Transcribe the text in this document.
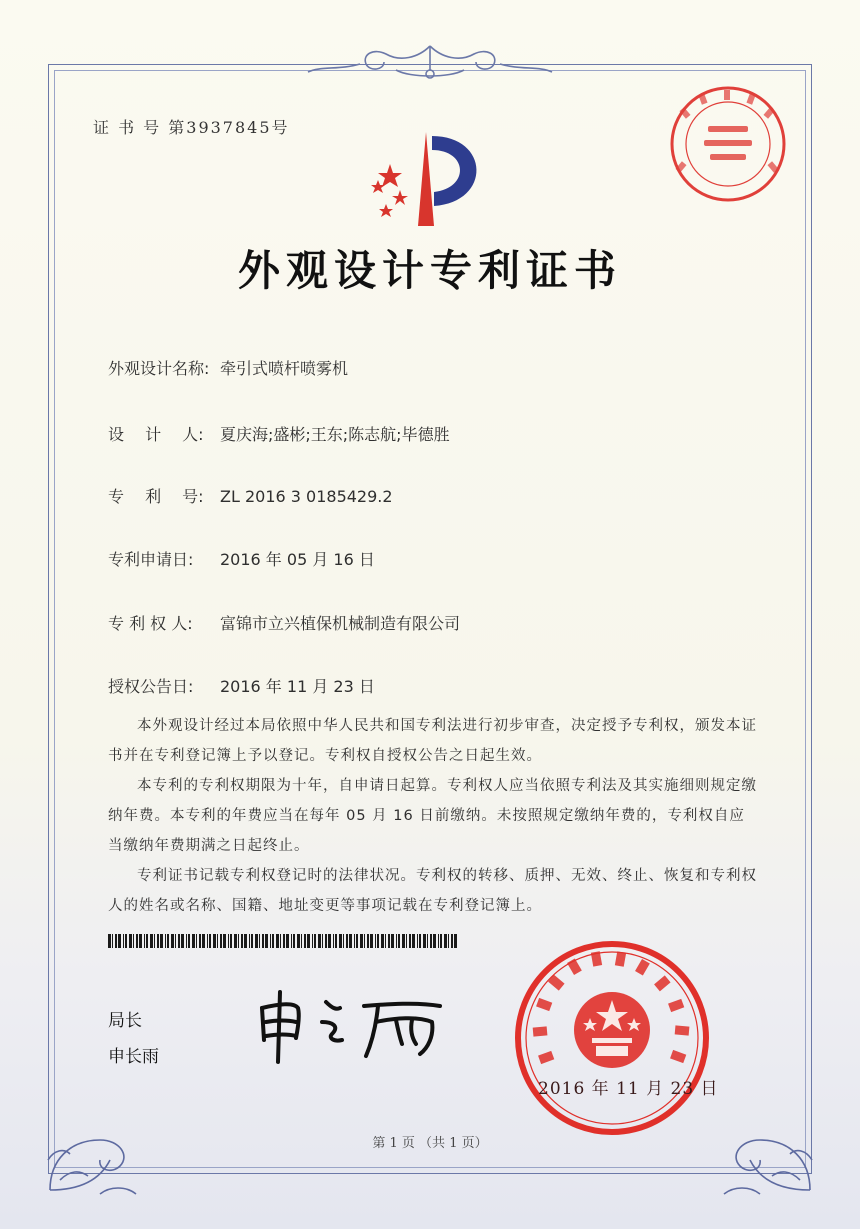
证 书 号 第3937845号
外观设计专利证书
外观设计名称: 牵引式喷杆喷雾机
设　 计　 人: 夏庆海;盛彬;王东;陈志航;毕德胜
专　 利　 号: ZL 2016 3 0185429.2
专利申请日: 2016 年 05 月 16 日
专 利 权 人: 富锦市立兴植保机械制造有限公司
授权公告日: 2016 年 11 月 23 日

本外观设计经过本局依照中华人民共和国专利法进行初步审查，决定授予专利权，颁发本证书并在专利登记簿上予以登记。专利权自授权公告之日起生效。

本专利的专利权期限为十年，自申请日起算。专利权人应当依照专利法及其实施细则规定缴纳年费。本专利的年费应当在每年 05 月 16 日前缴纳。未按照规定缴纳年费的，专利权自应当缴纳年费期满之日起终止。

专利证书记载专利权登记时的法律状况。专利权的转移、质押、无效、终止、恢复和专利权人的姓名或名称、国籍、地址变更等事项记载在专利登记簿上。

局长
申长雨
2016 年 11 月 23 日
第 1 页 （共 1 页）
